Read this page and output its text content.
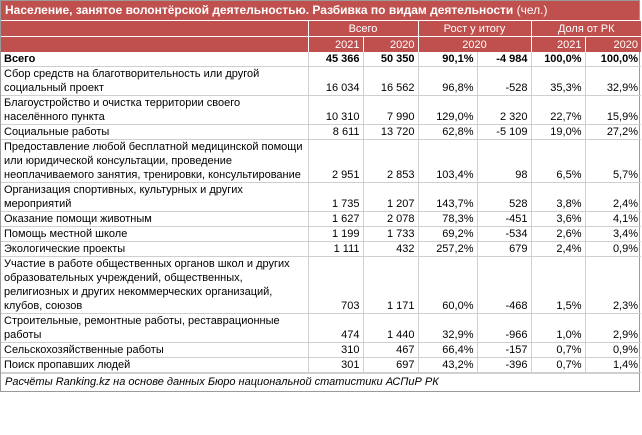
Население, занятое волонтёрской деятельностью. Разбивка по видам деятельности (чел.)
	Всего		Рост у итогу		Доля от РК	
	2021	2020	2020		2021	2020
Всего	45 366	50 350	90,1%	-4 984	100,0%	100,0%
Сбор средств на благотворительность или другой социальный проект	16 034	16 562	96,8%	-528	35,3%	32,9%
Благоустройство и очистка территории своего населённого пункта	10 310	7 990	129,0%	2 320	22,7%	15,9%
Социальные работы	8 611	13 720	62,8%	-5 109	19,0%	27,2%
Предоставление любой бесплатной медицинской помощи или юридической консультации, проведение неоплачиваемого занятия, тренировки, консультирование	2 951	2 853	103,4%	98	6,5%	5,7%
Организация спортивных, культурных и других мероприятий	1 735	1 207	143,7%	528	3,8%	2,4%
Оказание помощи животным	1 627	2 078	78,3%	-451	3,6%	4,1%
Помощь местной школе	1 199	1 733	69,2%	-534	2,6%	3,4%
Экологические проекты	1 111	432	257,2%	679	2,4%	0,9%
Участие в работе общественных органов школ и других образовательных учреждений, общественных, религиозных и других некоммерческих организаций, клубов, союзов	703	1 171	60,0%	-468	1,5%	2,3%
Строительные, ремонтные работы, реставрационные работы	474	1 440	32,9%	-966	1,0%	2,9%
Сельскохозяйственные работы	310	467	66,4%	-157	0,7%	0,9%
Поиск пропавших людей	301	697	43,2%	-396	0,7%	1,4%
Расчёты Ranking.kz на основе данных Бюро национальной статистики АСПиР РК
